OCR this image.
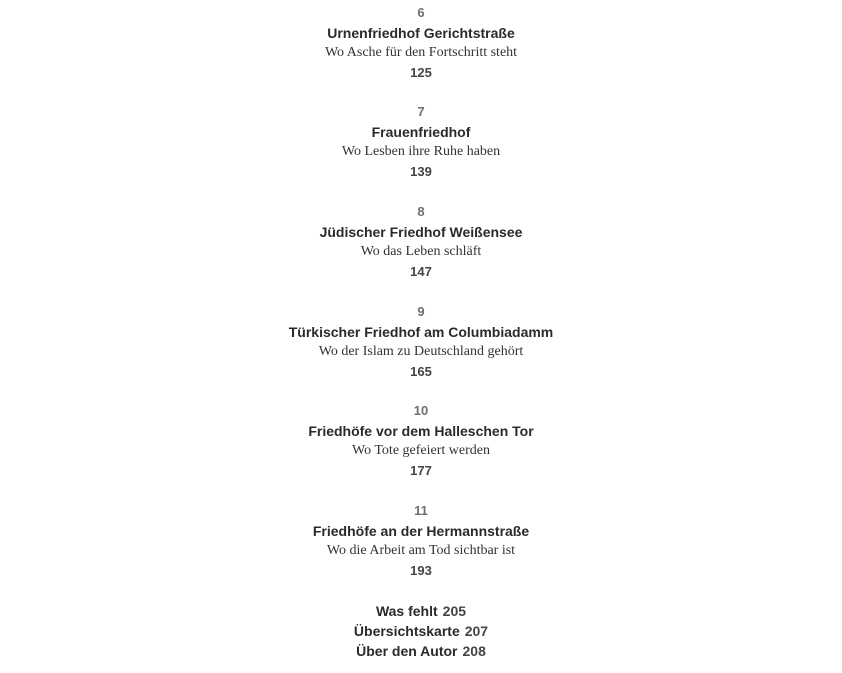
6
Urnenfriedhof Gerichtstraße
Wo Asche für den Fortschritt steht
125
7
Frauenfriedhof
Wo Lesben ihre Ruhe haben
139
8
Jüdischer Friedhof Weißensee
Wo das Leben schläft
147
9
Türkischer Friedhof am Columbiadamm
Wo der Islam zu Deutschland gehört
165
10
Friedhöfe vor dem Halleschen Tor
Wo Tote gefeiert werden
177
11
Friedhöfe an der Hermannstraße
Wo die Arbeit am Tod sichtbar ist
193
Was fehlt 205
Übersichtskarte 207
Über den Autor 208
